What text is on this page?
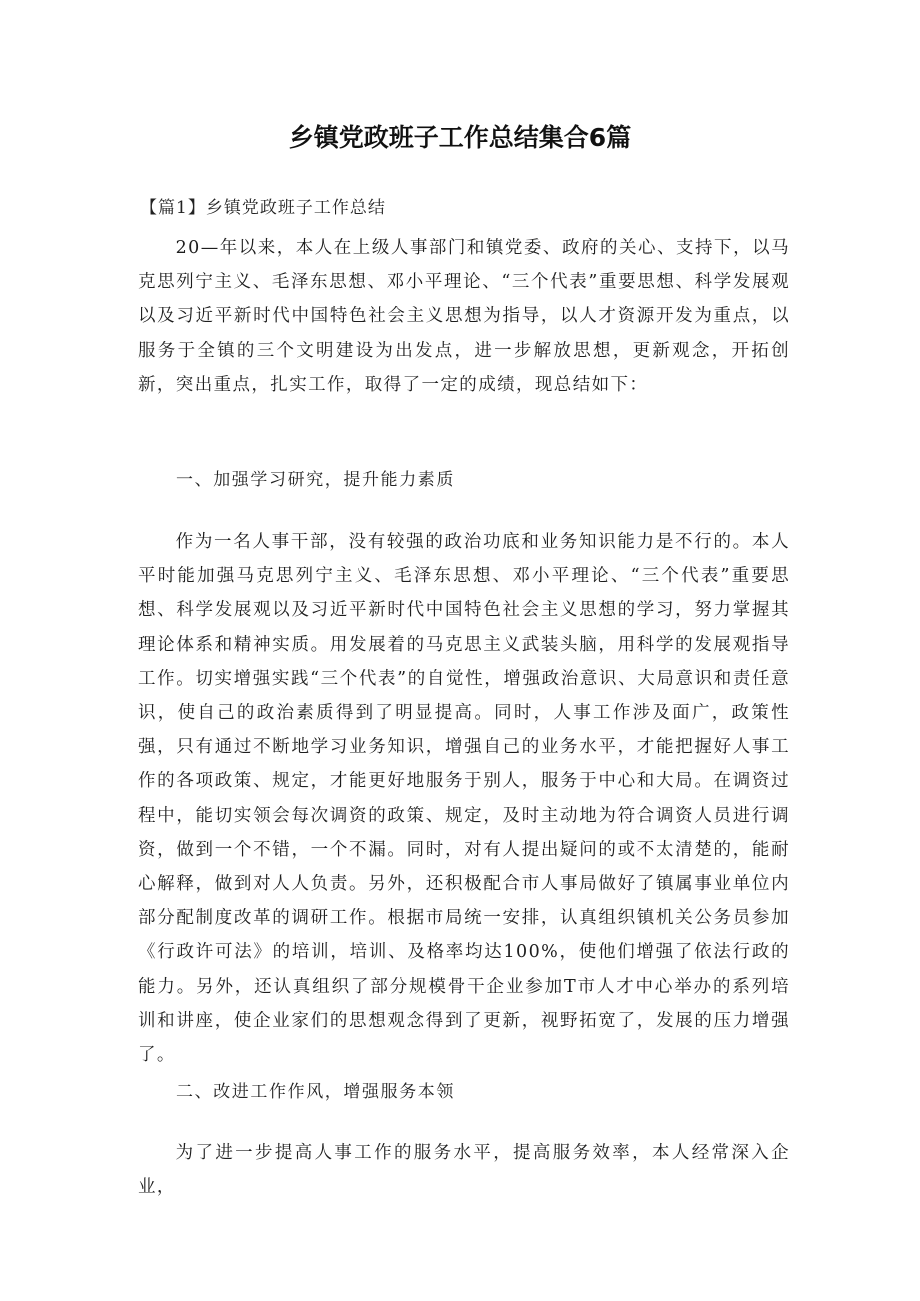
乡镇党政班子工作总结集合6篇
【篇1】乡镇党政班子工作总结

20—年以来，本人在上级人事部门和镇党委、政府的关心、支持下，以马克思列宁主义、毛泽东思想、邓小平理论、“三个代表”重要思想、科学发展观以及习近平新时代中国特色社会主义思想为指导，以人才资源开发为重点，以服务于全镇的三个文明建设为出发点，进一步解放思想，更新观念，开拓创新，突出重点，扎实工作，取得了一定的成绩，现总结如下：

一、加强学习研究，提升能力素质

作为一名人事干部，没有较强的政治功底和业务知识能力是不行的。本人平时能加强马克思列宁主义、毛泽东思想、邓小平理论、“三个代表”重要思想、科学发展观以及习近平新时代中国特色社会主义思想的学习，努力掌握其理论体系和精神实质。用发展着的马克思主义武装头脑，用科学的发展观指导工作。切实增强实践“三个代表”的自觉性，增强政治意识、大局意识和责任意识，使自己的政治素质得到了明显提高。同时，人事工作涉及面广，政策性强，只有通过不断地学习业务知识，增强自己的业务水平，才能把握好人事工作的各项政策、规定，才能更好地服务于别人，服务于中心和大局。在调资过程中，能切实领会每次调资的政策、规定，及时主动地为符合调资人员进行调资，做到一个不错，一个不漏。同时，对有人提出疑问的或不太清楚的，能耐心解释，做到对人人负责。另外，还积极配合市人事局做好了镇属事业单位内部分配制度改革的调研工作。根据市局统一安排，认真组织镇机关公务员参加《行政许可法》的培训，培训、及格率均达100%，使他们增强了依法行政的能力。另外，还认真组织了部分规模骨干企业参加T市人才中心举办的系列培训和讲座，使企业家们的思想观念得到了更新，视野拓宽了，发展的压力增强了。

二、改进工作作风，增强服务本领

为了进一步提高人事工作的服务水平，提高服务效率，本人经常深入企业，
